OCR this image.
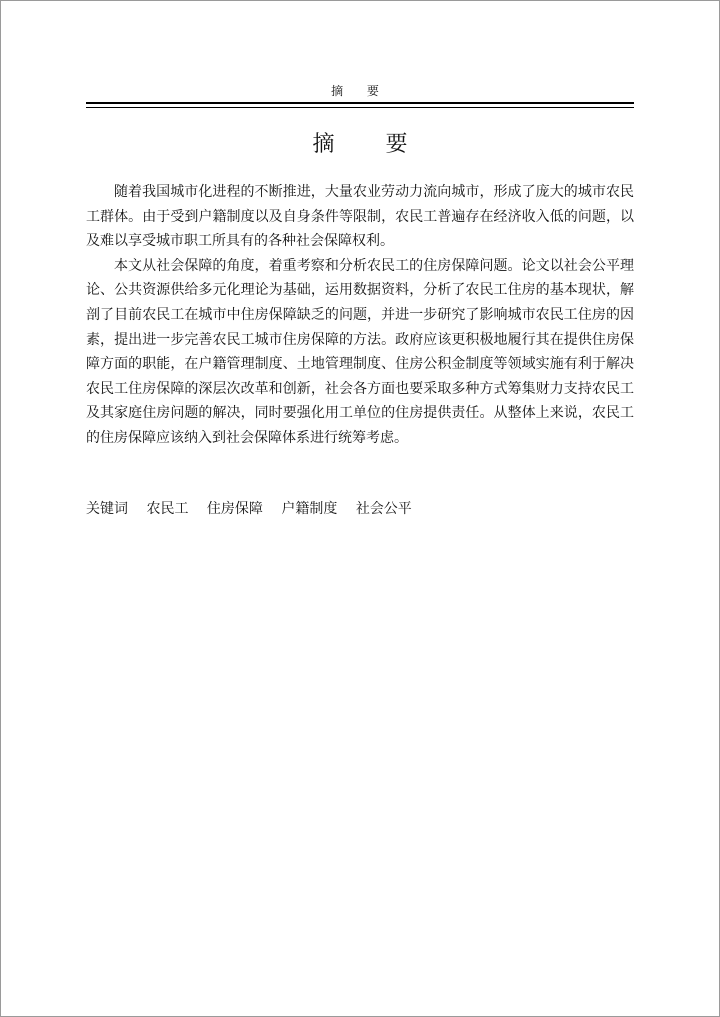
摘 要
摘 要

随着我国城市化进程的不断推进，大量农业劳动力流向城市，形成了庞大的城市农民工群体。由于受到户籍制度以及自身条件等限制，农民工普遍存在经济收入低的问题，以及难以享受城市职工所具有的各种社会保障权利。

本文从社会保障的角度，着重考察和分析农民工的住房保障问题。论文以社会公平理论、公共资源供给多元化理论为基础，运用数据资料，分析了农民工住房的基本现状，解剖了目前农民工在城市中住房保障缺乏的问题，并进一步研究了影响城市农民工住房的因素，提出进一步完善农民工城市住房保障的方法。政府应该更积极地履行其在提供住房保障方面的职能，在户籍管理制度、土地管理制度、住房公积金制度等领域实施有利于解决农民工住房保障的深层次改革和创新，社会各方面也要采取多种方式筹集财力支持农民工及其家庭住房问题的解决，同时要强化用工单位的住房提供责任。从整体上来说，农民工的住房保障应该纳入到社会保障体系进行统筹考虑。

关键词 农民工 住房保障 户籍制度 社会公平
